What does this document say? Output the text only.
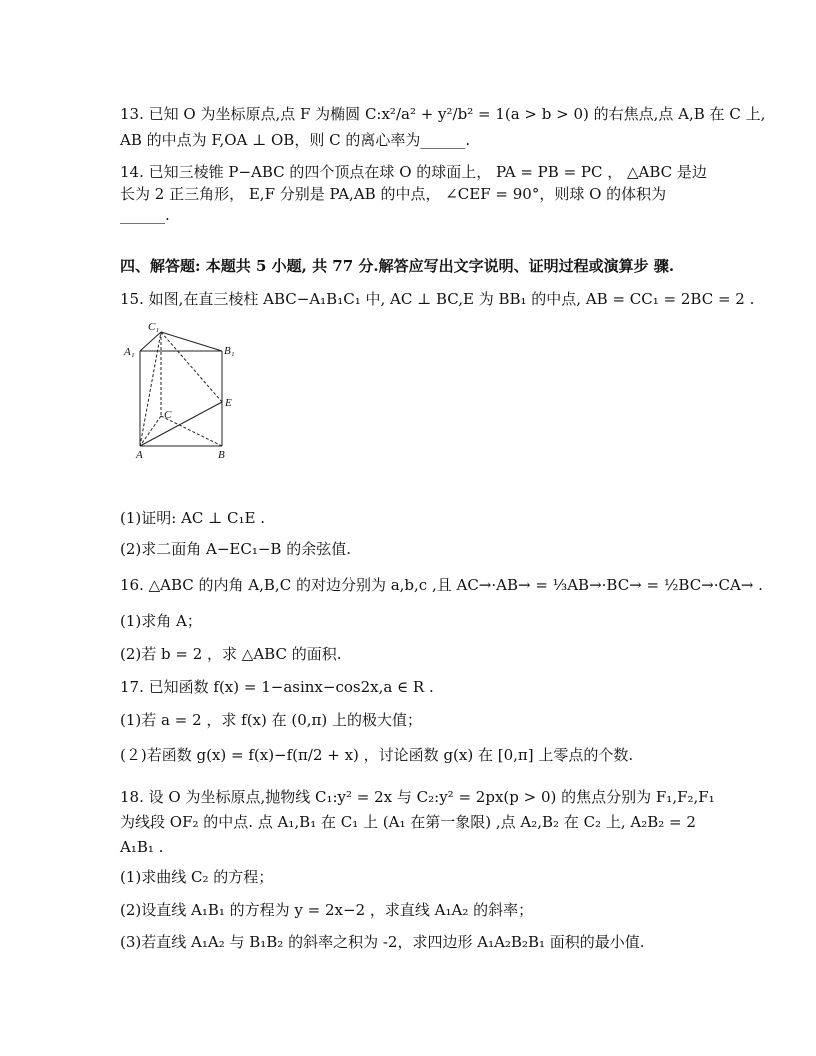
13. 已知 O 为坐标原点,点 F 为椭圆 C:x²/a² + y²/b² = 1(a > b > 0) 的右焦点,点 A,B 在 C 上,
AB 的中点为 F,OA ⊥ OB，则 C 的离心率为______.
14. 已知三棱锥 P−ABC 的四个顶点在球 O 的球面上， PA = PB = PC ， △ABC 是边
长为 2 正三角形， E,F 分别是 PA,AB 的中点， ∠CEF = 90°，则球 O 的体积为
______.
四、解答题: 本题共 5 小题, 共 77 分.解答应写出文字说明、证明过程或演算步 骤.
15. 如图,在直三棱柱 ABC−A₁B₁C₁ 中, AC ⊥ BC,E 为 BB₁ 的中点, AB = CC₁ = 2BC = 2 .
C₁
A₁	B₁
E
C
A	B
(1)证明: AC ⊥ C₁E .
(2)求二面角 A−EC₁−B 的余弦值.
16. △ABC 的内角 A,B,C 的对边分别为 a,b,c ,且 AC→·AB→ = ⅓AB→·BC→ = ½BC→·CA→ .
(1)求角 A；
(2)若 b = 2 ，求 △ABC 的面积.
17. 已知函数 f(x) = 1−asinx−cos2x,a ∈ R .
(1)若 a = 2 ，求 f(x) 在 (0,π) 上的极大值；
(２)若函数 g(x) = f(x)−f(π/2 + x) ，讨论函数 g(x) 在 [0,π] 上零点的个数.
18. 设 O 为坐标原点,抛物线 C₁:y² = 2x 与 C₂:y² = 2px(p > 0) 的焦点分别为 F₁,F₂,F₁
为线段 OF₂ 的中点. 点 A₁,B₁ 在 C₁ 上 (A₁ 在第一象限) ,点 A₂,B₂ 在 C₂ 上, A₂B₂ = 2
A₁B₁ .
(1)求曲线 C₂ 的方程；
(2)设直线 A₁B₁ 的方程为 y = 2x−2 ，求直线 A₁A₂ 的斜率；
(3)若直线 A₁A₂ 与 B₁B₂ 的斜率之积为 -2，求四边形 A₁A₂B₂B₁ 面积的最小值.
